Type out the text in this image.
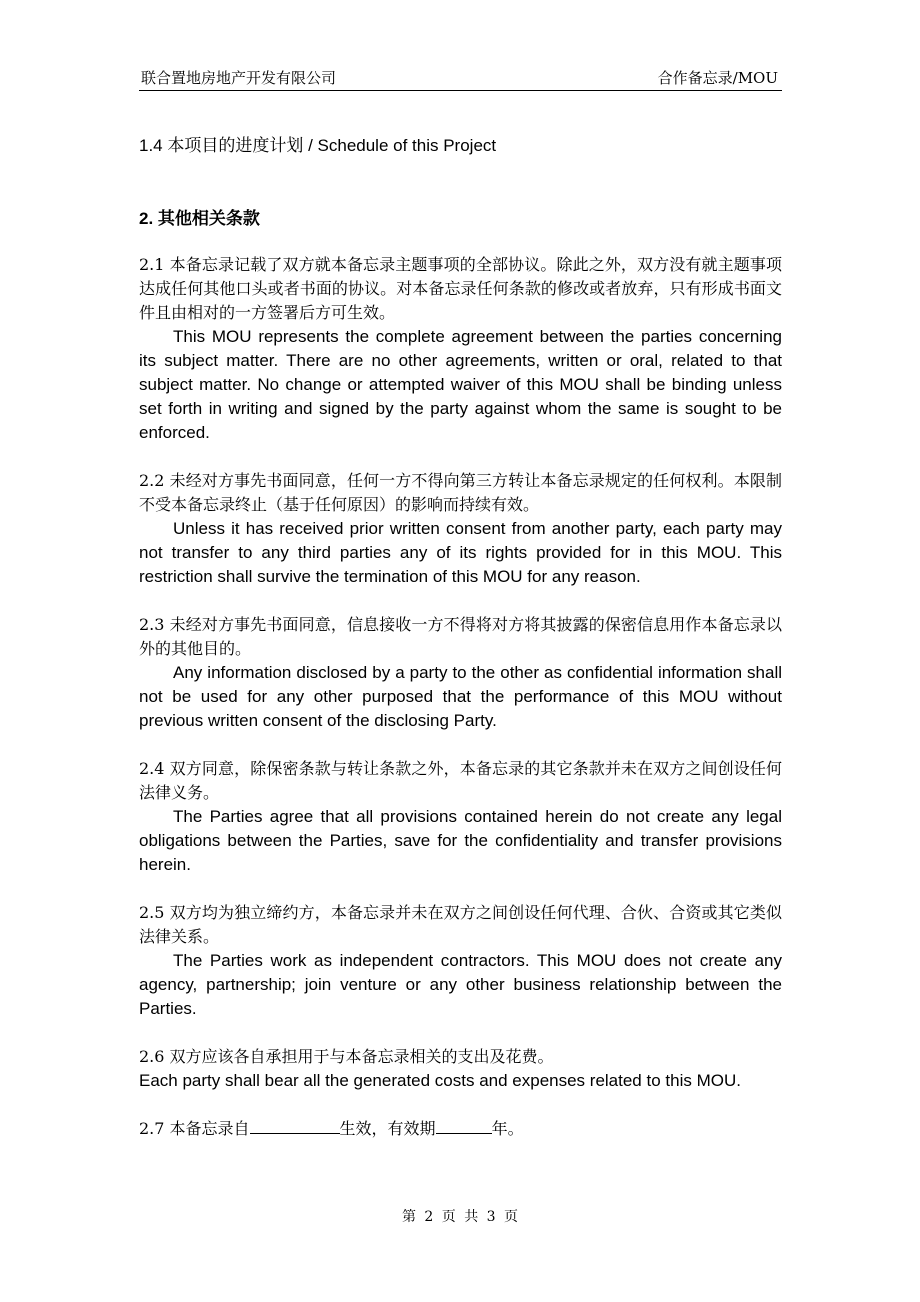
联合置地房地产开发有限公司	合作备忘录/MOU

1.4 本项目的进度计划 / Schedule of this Project

2. 其他相关条款

2.1 本备忘录记载了双方就本备忘录主题事项的全部协议。除此之外，双方没有就主题事项达成任何其他口头或者书面的协议。对本备忘录任何条款的修改或者放弃，只有形成书面文件且由相对的一方签署后方可生效。

This MOU represents the complete agreement between the parties concerning its subject matter. There are no other agreements, written or oral, related to that subject matter. No change or attempted waiver of this MOU shall be binding unless set forth in writing and signed by the party against whom the same is sought to be enforced.

2.2 未经对方事先书面同意，任何一方不得向第三方转让本备忘录规定的任何权利。本限制不受本备忘录终止（基于任何原因）的影响而持续有效。

Unless it has received prior written consent from another party, each party may not transfer to any third parties any of its rights provided for in this MOU. This restriction shall survive the termination of this MOU for any reason.

2.3 未经对方事先书面同意，信息接收一方不得将对方将其披露的保密信息用作本备忘录以外的其他目的。

Any information disclosed by a party to the other as confidential information shall not be used for any other purposed that the performance of this MOU without previous written consent of the disclosing Party.

2.4 双方同意，除保密条款与转让条款之外，本备忘录的其它条款并未在双方之间创设任何法律义务。

The Parties agree that all provisions contained herein do not create any legal obligations between the Parties, save for the confidentiality and transfer provisions herein.

2.5 双方均为独立缔约方，本备忘录并未在双方之间创设任何代理、合伙、合资或其它类似法律关系。

The Parties work as independent contractors. This MOU does not create any agency, partnership; join venture or any other business relationship between the Parties.

2.6 双方应该各自承担用于与本备忘录相关的支出及花费。

Each party shall bear all the generated costs and expenses related to this MOU.

2.7 本备忘录自	生效，有效期	年。

第 2 页 共 3 页
